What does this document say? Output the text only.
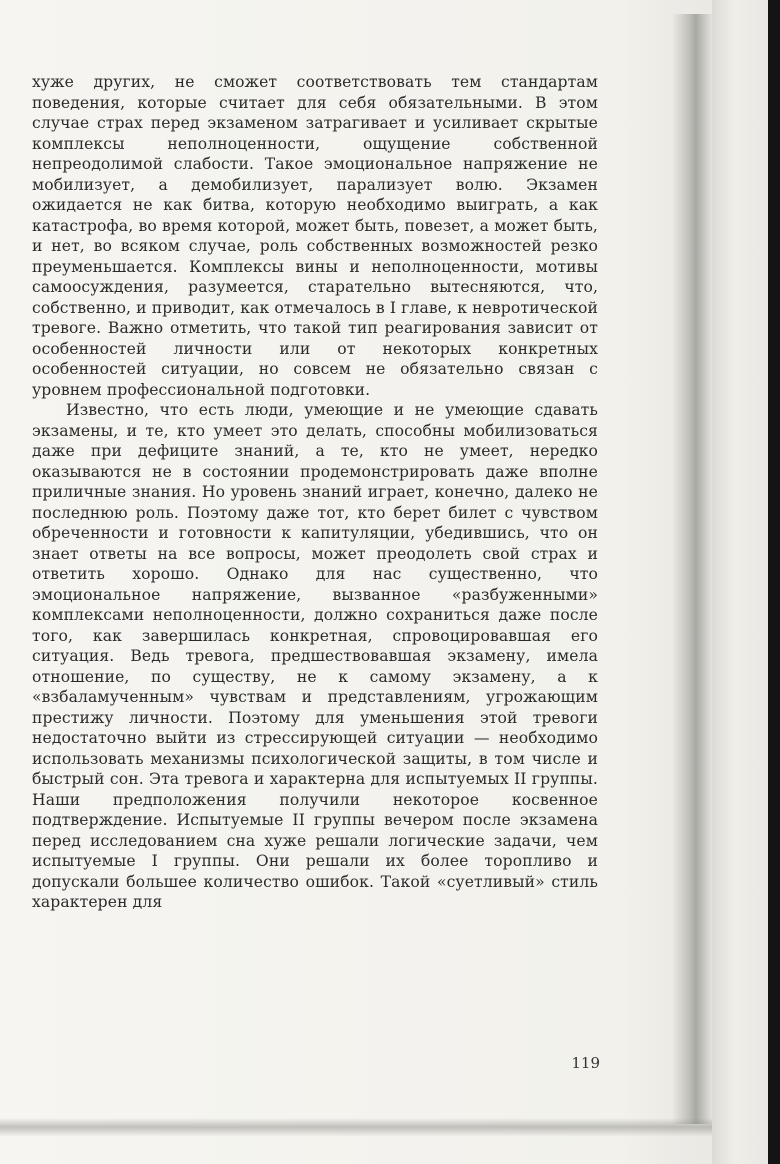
хуже других, не сможет соответствовать тем стандартам поведения, которые считает для себя обязательными. В этом случае страх перед экзаменом затрагивает и усиливает скрытые комплексы неполноценности, ощущение собственной непреодолимой слабости. Такое эмоциональное напряжение не мобилизует, а демобилизует, парализует волю. Экзамен ожидается не как битва, которую необходимо выиграть, а как катастрофа, во время которой, может быть, повезет, а может быть, и нет, во всяком случае, роль собственных возможностей резко преуменьшается. Комплексы вины и неполноценности, мотивы самоосуждения, разумеется, старательно вытесняются, что, собственно, и приводит, как отмечалось в I главе, к невротической тревоге. Важно отметить, что такой тип реагирования зависит от особенностей личности или от некоторых конкретных особенностей ситуации, но совсем не обязательно связан с уровнем профессиональной подготовки.

Известно, что есть люди, умеющие и не умеющие сдавать экзамены, и те, кто умеет это делать, способны мобилизоваться даже при дефиците знаний, а те, кто не умеет, нередко оказываются не в состоянии продемонстрировать даже вполне приличные знания. Но уровень знаний играет, конечно, далеко не последнюю роль. Поэтому даже тот, кто берет билет с чувством обреченности и готовности к капитуляции, убедившись, что он знает ответы на все вопросы, может преодолеть свой страх и ответить хорошо. Однако для нас существенно, что эмоциональное напряжение, вызванное «разбуженными» комплексами неполноценности, должно сохраниться даже после того, как завершилась конкретная, спровоцировавшая его ситуация. Ведь тревога, предшествовавшая экзамену, имела отношение, по существу, не к самому экзамену, а к «взбаламученным» чувствам и представлениям, угрожающим престижу личности. Поэтому для уменьшения этой тревоги недостаточно выйти из стрессирующей ситуации — необходимо использовать механизмы психологической защиты, в том числе и быстрый сон. Эта тревога и характерна для испытуемых II группы. Наши предположения получили некоторое косвенное подтверждение. Испытуемые II группы вечером после экзамена перед исследованием сна хуже решали логические задачи, чем испытуемые I группы. Они решали их более торопливо и допускали большее количество ошибок. Такой «суетливый» стиль характерен для

119
